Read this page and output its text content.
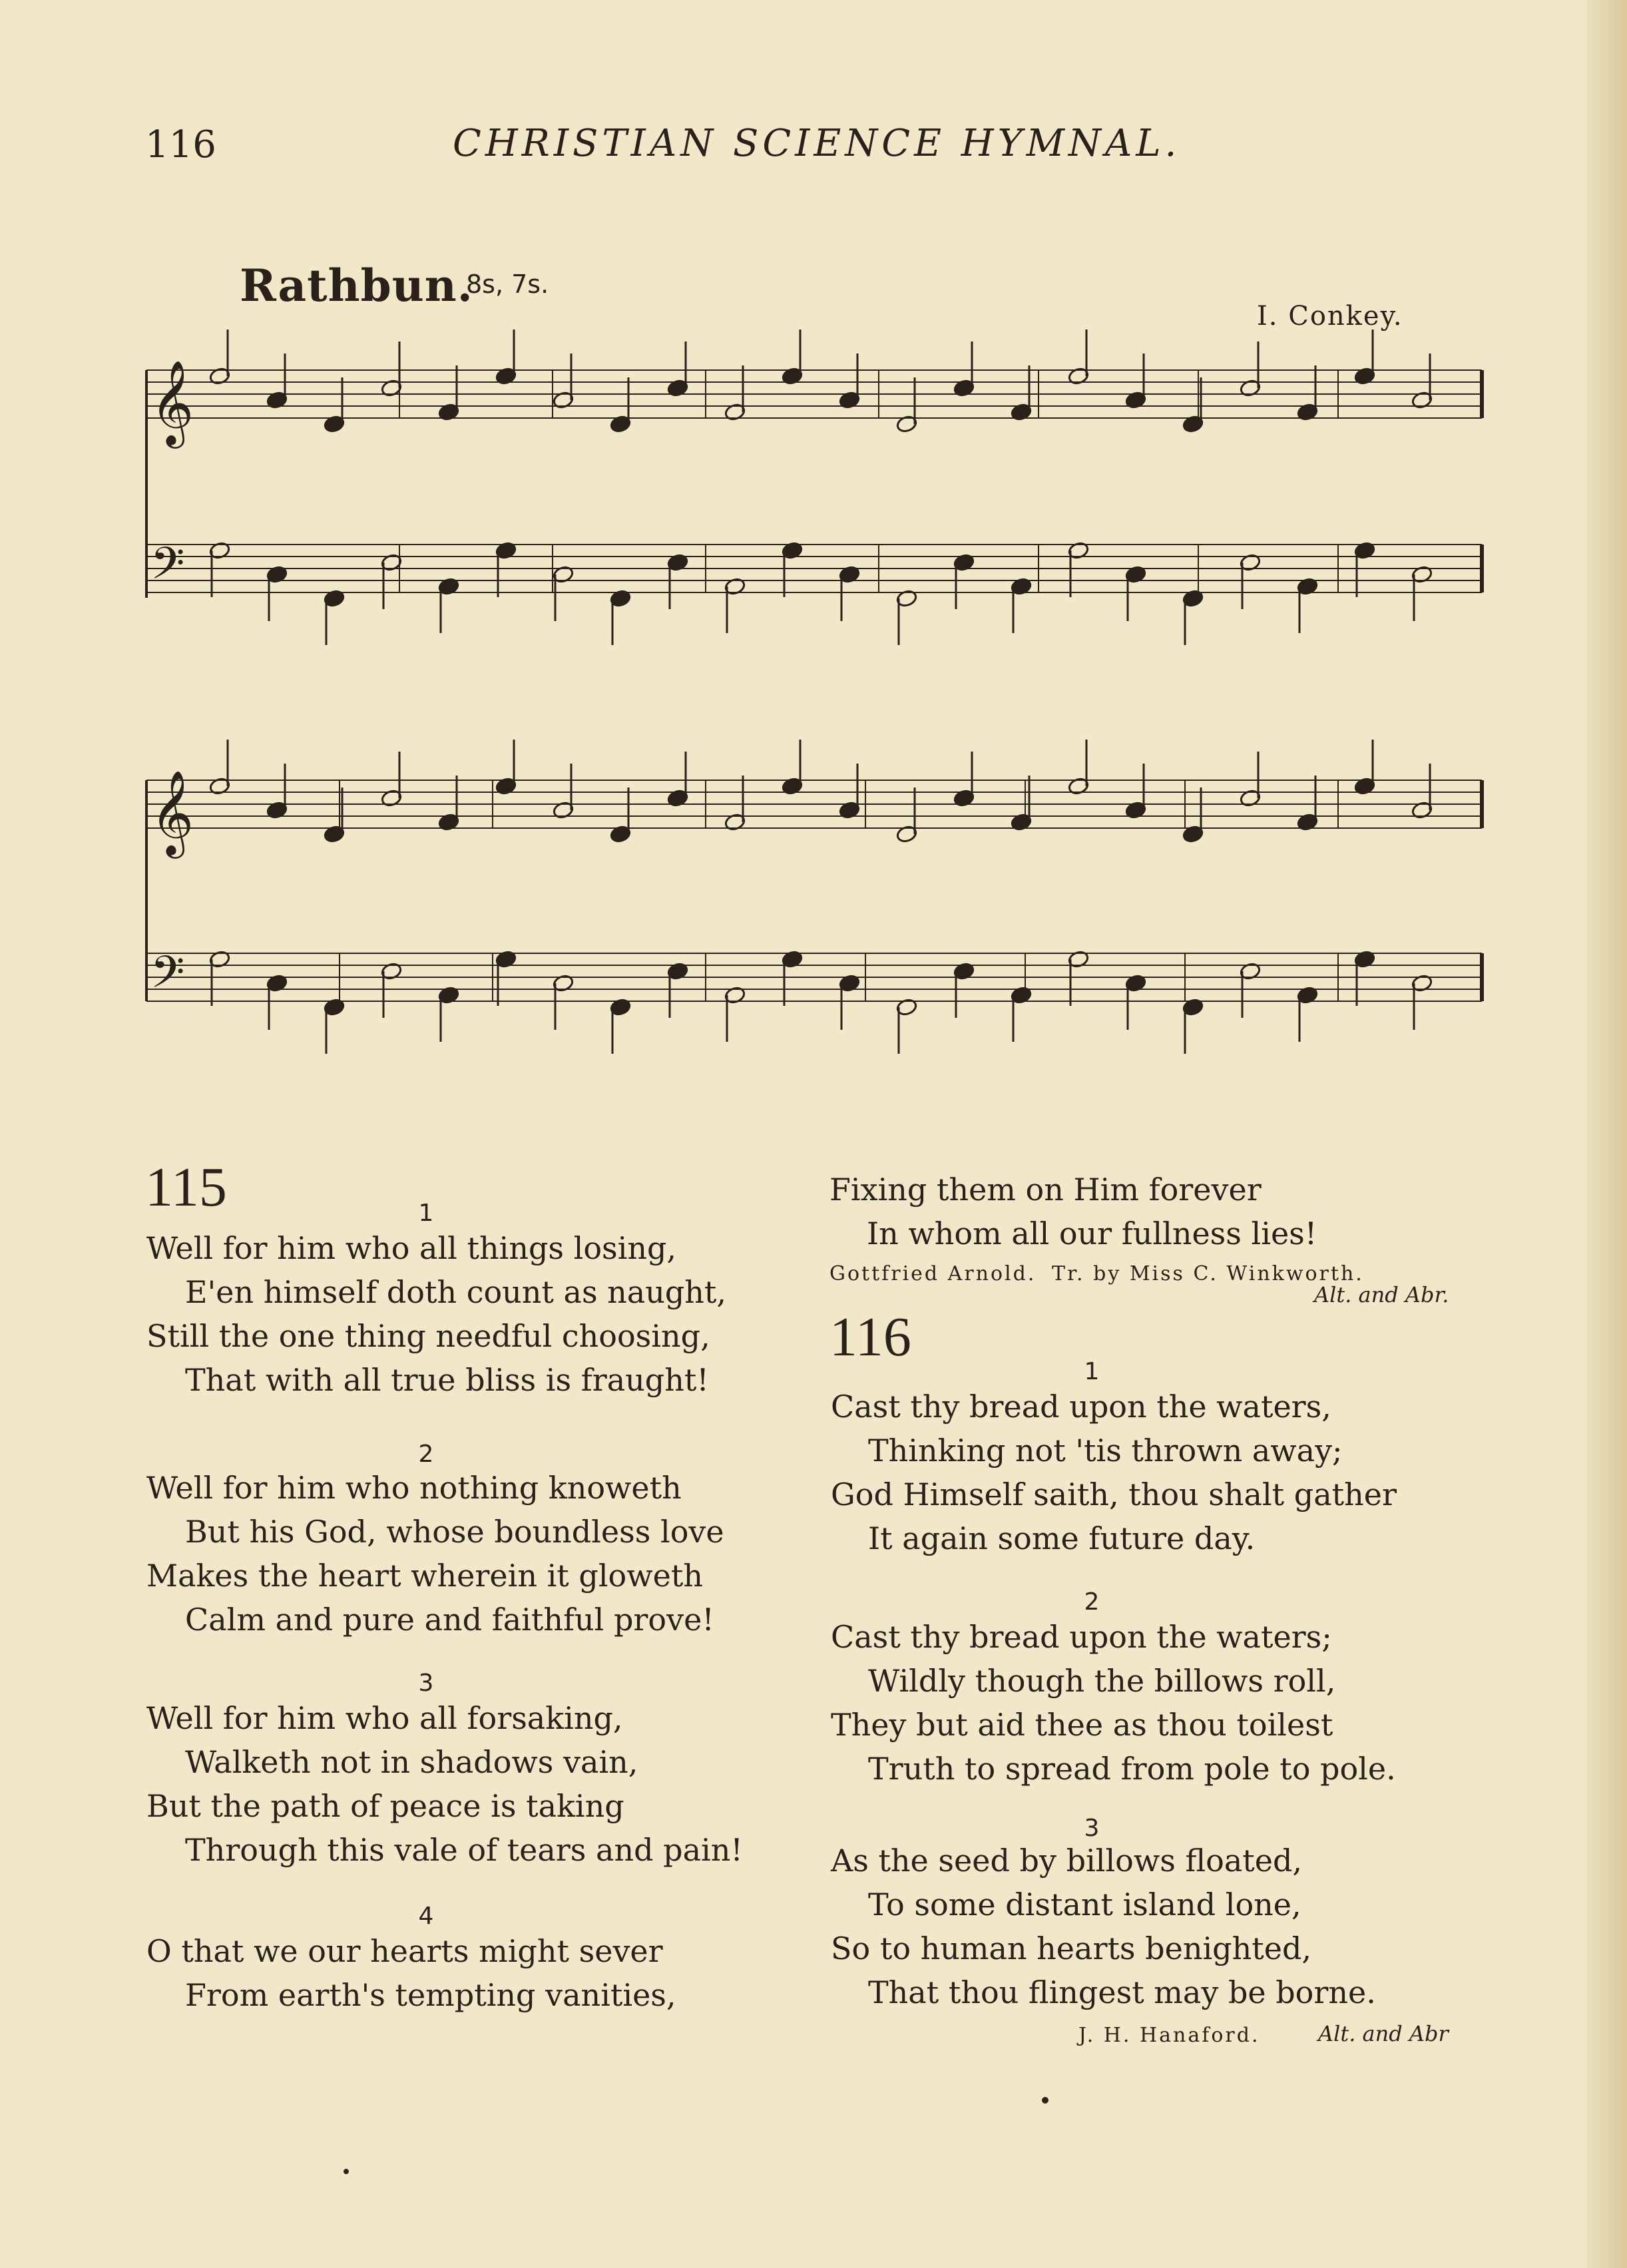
116	CHRISTIAN SCIENCE HYMNAL.
Rathbun.
8s, 7s.
I. Conkey.
𝄞
𝄢
𝄞
𝄢
115	1
Well for him who all things losing,
E'en himself doth count as naught,
Still the one thing needful choosing,
That with all true bliss is fraught!
2
Well for him who nothing knoweth
But his God, whose boundless love
Makes the heart wherein it gloweth
Calm and pure and faithful prove!
3
Well for him who all forsaking,
Walketh not in shadows vain,
But the path of peace is taking
Through this vale of tears and pain!
4
O that we our hearts might sever
From earth's tempting vanities,
Fixing them on Him forever
In whom all our fullness lies!
Gottfried Arnold. Tr. by Miss C. Winkworth.
Alt. and Abr.
116
1
Cast thy bread upon the waters,
Thinking not 'tis thrown away;
God Himself saith, thou shalt gather
It again some future day.
2
Cast thy bread upon the waters;
Wildly though the billows roll,
They but aid thee as thou toilest
Truth to spread from pole to pole.
3
As the seed by billows floated,
To some distant island lone,
So to human hearts benighted,
That thou flingest may be borne.
J. H. Hanaford.	Alt. and Abr
